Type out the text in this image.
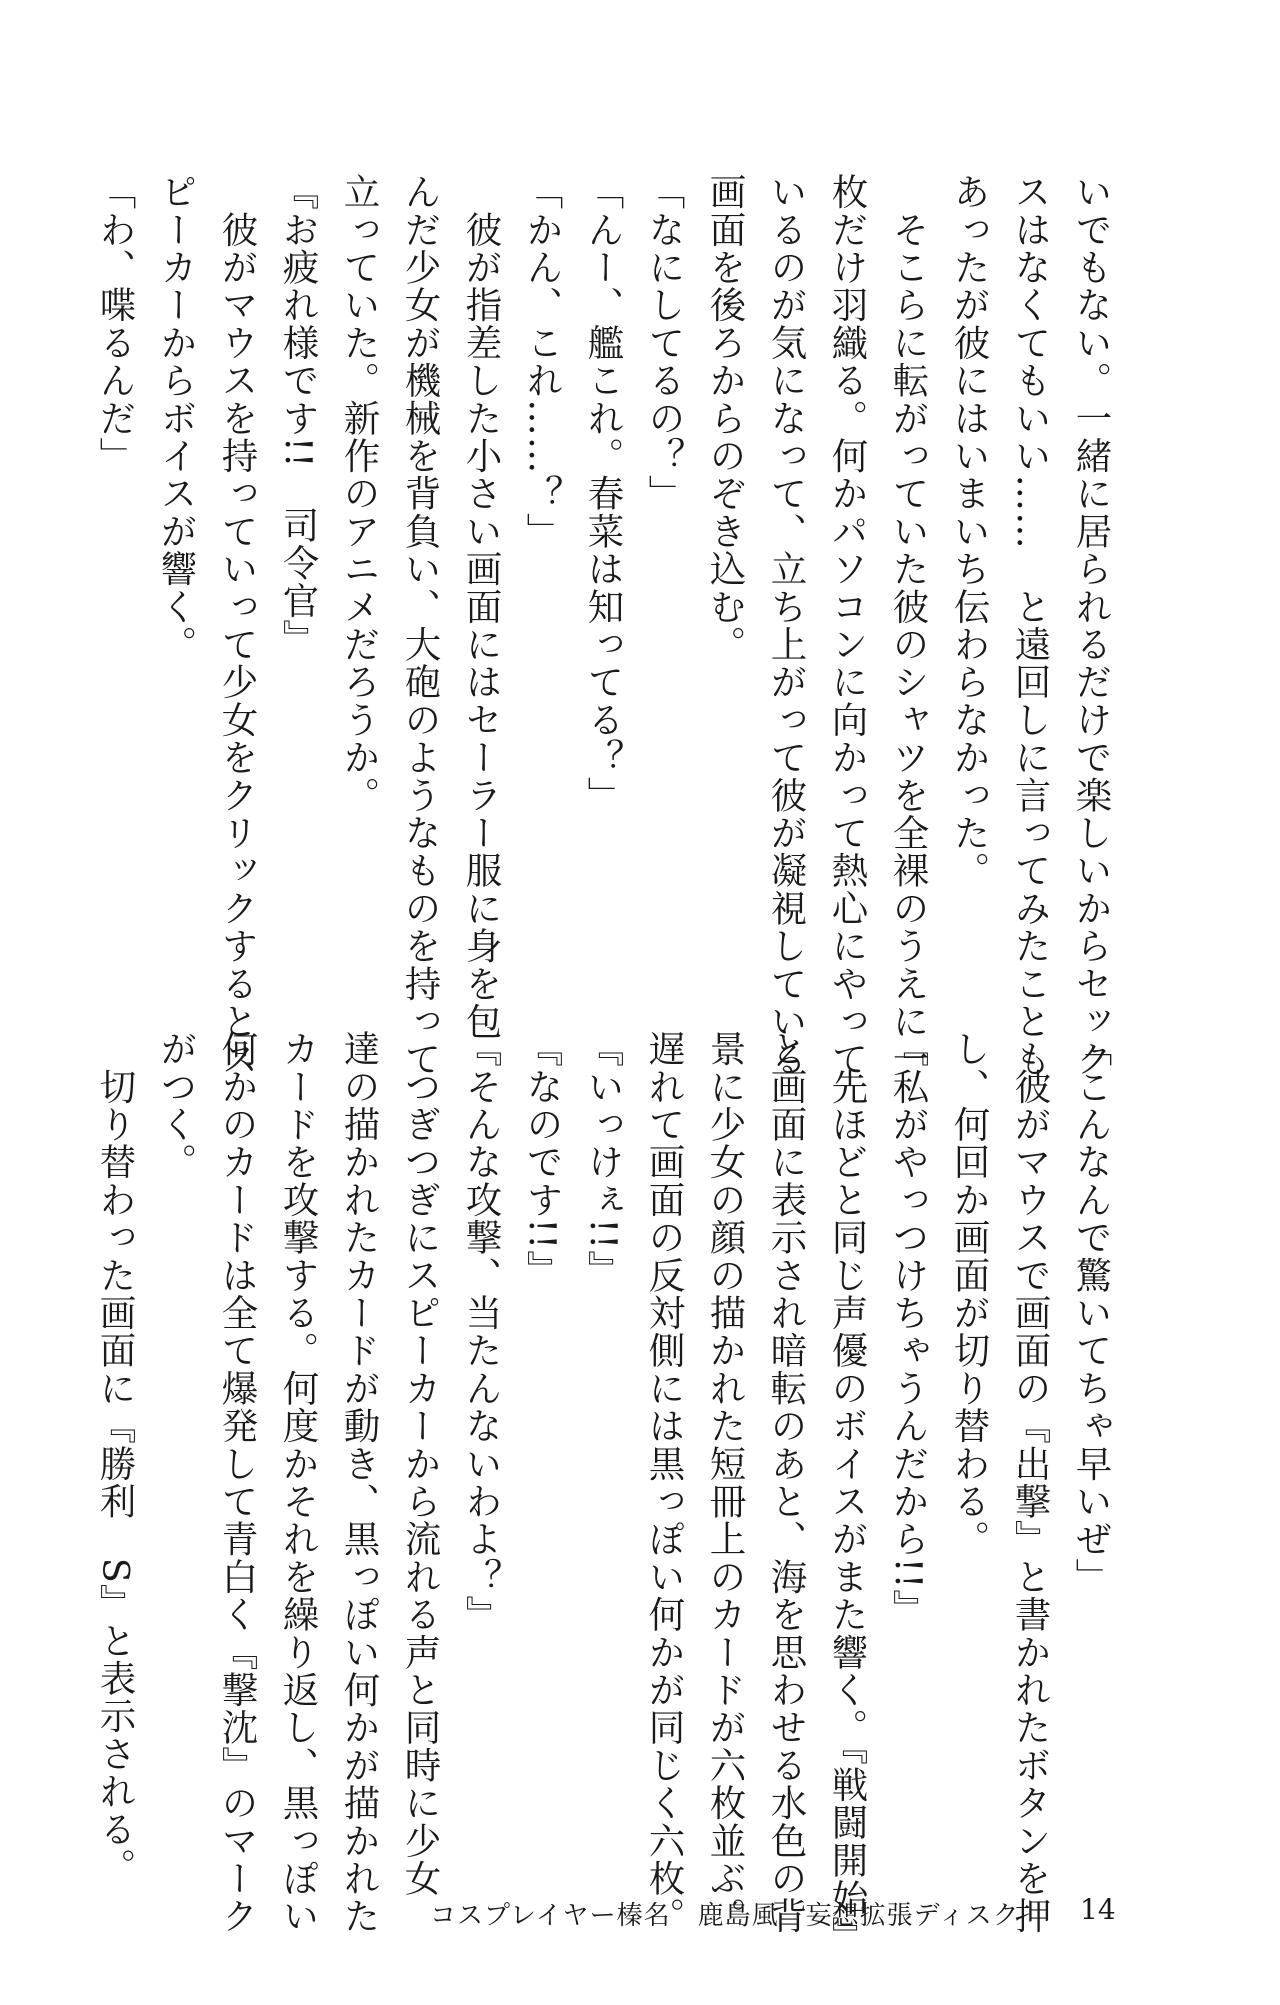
いでもない。一緒に居られるだけで楽しいからセック
スはなくてもいい……　と遠回しに言ってみたことも
あったが彼にはいまいち伝わらなかった。
　そこらに転がっていた彼のシャツを全裸のうえに一
枚だけ羽織る。何かパソコンに向かって熱心にやって
いるのが気になって、立ち上がって彼が凝視している
画面を後ろからのぞき込む。
「なにしてるの？」
「んー、艦これ。春菜は知ってる？」
「かん、これ……？」
　彼が指差した小さい画面にはセーラー服に身を包
んだ少女が機械を背負い、大砲のようなものを持って
立っていた。新作のアニメだろうか。
『お疲れ様です!!　司令官』
　彼がマウスを持っていって少女をクリックするとス
ピーカーからボイスが響く。
「わ、喋るんだ」
「こんなんで驚いてちゃ早いぜ」
　彼がマウスで画面の『出撃』と書かれたボタンを押
し、何回か画面が切り替わる。
『私がやっつけちゃうんだから!!』
　先ほどと同じ声優のボイスがまた響く。『戦闘開始』
と画面に表示され暗転のあと、海を思わせる水色の背
景に少女の顔の描かれた短冊上のカードが六枚並ぶ。
遅れて画面の反対側には黒っぽい何かが同じく六枚。
『いっけぇ!!』
『なのです!!』
『そんな攻撃、当たんないわよ？』
　つぎつぎにスピーカーから流れる声と同時に少女
達の描かれたカードが動き、黒っぽい何かが描かれた
カードを攻撃する。何度かそれを繰り返し、黒っぽい
何かのカードは全て爆発して青白く『撃沈』のマーク
がつく。
　切り替わった画面に『勝利　S』と表示される。
コスプレイヤー榛名　鹿島風　妄想拡張ディスク 14
